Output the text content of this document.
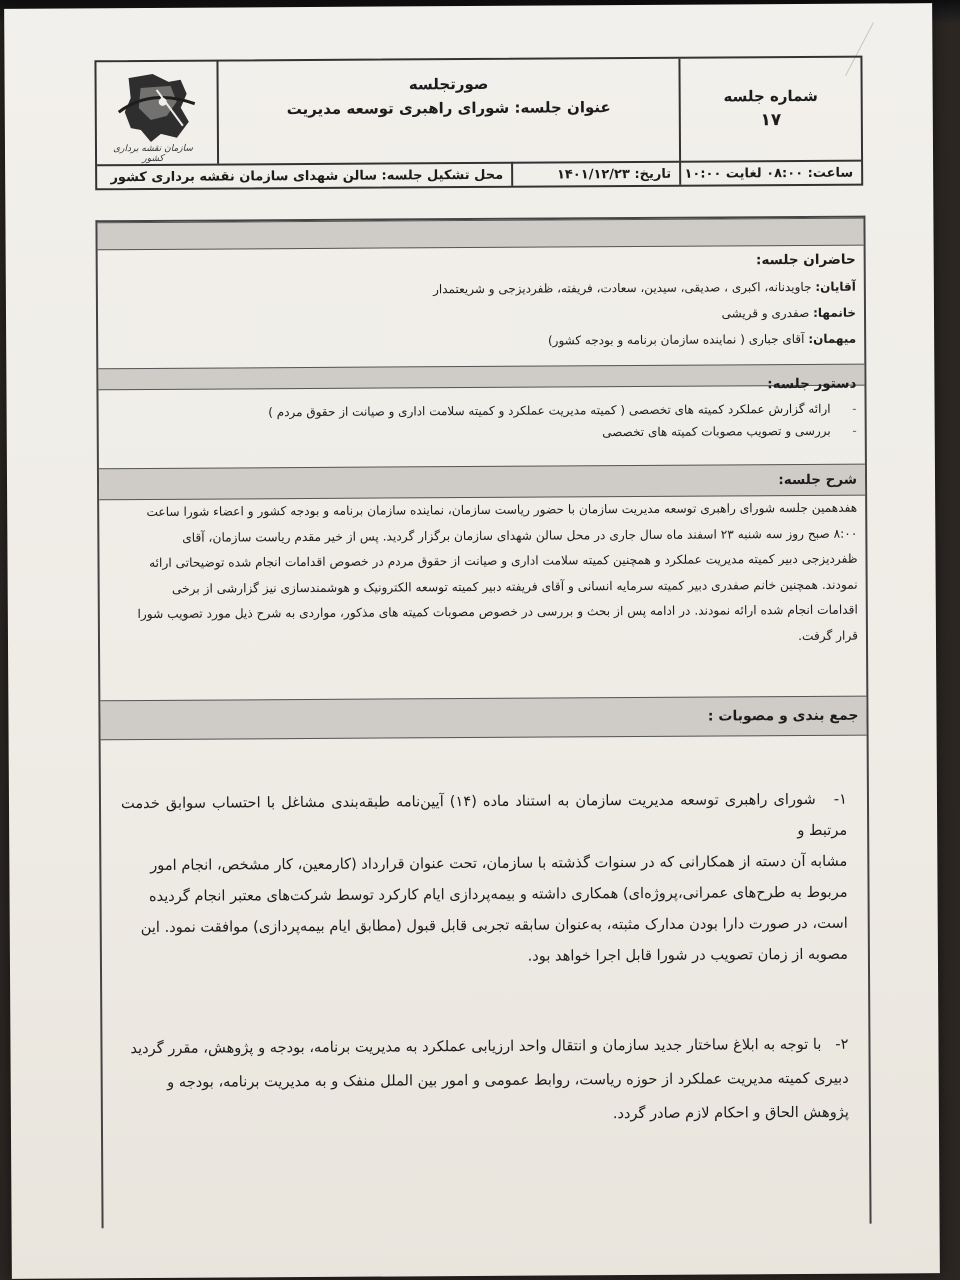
شماره جلسه
۱۷
صورتجلسه
عنوان جلسه: شورای راهبری توسعه مدیریت
سازمان نقشه برداری کشور
ساعت: ۰۸:۰۰ لغایت ۱۰:۰۰
تاریخ: ۱۴۰۱/۱۲/۲۳
محل تشکیل جلسه: سالن شهدای سازمان نقشه برداری کشور
حاضران جلسه:
آقایان: جاویدنانه، اکبری ، صدیقی، سیدین، سعادت، فریفته، ظفردیزجی و شریعتمدار
خانمها: صفدری و قریشی
میهمان: آقای جباری ( نماینده سازمان برنامه و بودجه کشور)
دستور جلسه:
-ارائه گزارش عملکرد کمیته های تخصصی ( کمیته مدیریت عملکرد و کمیته سلامت اداری و صیانت از حقوق مردم )
-بررسی و تصویب مصوبات کمیته های تخصصی
شرح جلسه:
هفدهمین جلسه شورای راهبری توسعه مدیریت سازمان با حضور ریاست سازمان، نماینده سازمان برنامه و بودجه کشور و اعضاء شورا ساعت
۸:۰۰ صبح روز سه شنبه ۲۳ اسفند ماه سال جاری در محل سالن شهدای سازمان برگزار گردید. پس از خیر مقدم ریاست سازمان، آقای
ظفردیزجی دبیر کمیته مدیریت عملکرد و همچنین کمیته سلامت اداری و صیانت از حقوق مردم در خصوص اقدامات انجام شده توضیحاتی ارائه
نمودند. همچنین خانم صفدری دبیر کمیته سرمایه انسانی و آقای فریفته دبیر کمیته توسعه الکترونیک و هوشمندسازی نیز گزارشی از برخی
اقدامات انجام شده ارائه نمودند. در ادامه پس از بحث و بررسی در خصوص مصوبات کمیته های مذکور، مواردی به شرح ذیل مورد تصویب شورا
قرار گرفت.
جمع بندی و مصوبات :
۱-   شورای راهبری توسعه مدیریت سازمان به استناد ماده (۱۴) آیین‌نامه طبقه‌بندی مشاغل با احتساب سوابق خدمت مرتبط و
مشابه آن دسته از همکارانی که در سنوات گذشته با سازمان، تحت عنوان قرارداد (کارمعین، کار مشخص، انجام امور
مربوط به طرح‌های عمرانی،پروژه‌ای) همکاری داشته و بیمه‌پردازی ایام کارکرد توسط شرکت‌های معتبر انجام گردیده
است، در صورت دارا بودن مدارک مثبته، به‌عنوان سابقه تجربی قابل قبول (مطابق ایام بیمه‌پردازی) موافقت نمود. این
مصوبه از زمان تصویب در شورا قابل اجرا خواهد بود.
۲-   با توجه به ابلاغ ساختار جدید سازمان و انتقال واحد ارزیابی عملکرد به مدیریت برنامه، بودجه و پژوهش، مقرر گردید
دبیری کمیته مدیریت عملکرد از حوزه ریاست، روابط عمومی و امور بین الملل منفک و به مدیریت برنامه، بودجه و
پژوهش الحاق و احکام لازم صادر گردد.
